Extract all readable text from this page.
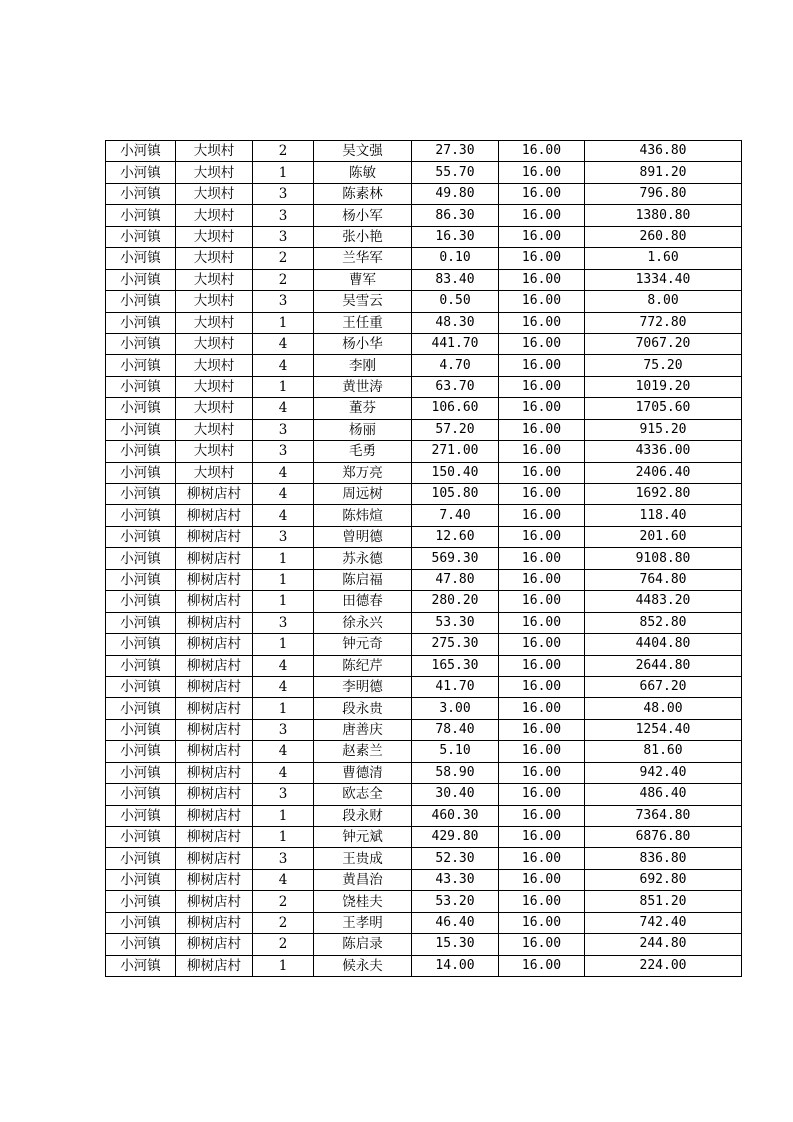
小河镇	大坝村	2	吴文强	27.30	16.00	436.80
小河镇	大坝村	1	陈敏	55.70	16.00	891.20
小河镇	大坝村	3	陈素林	49.80	16.00	796.80
小河镇	大坝村	3	杨小军	86.30	16.00	1380.80
小河镇	大坝村	3	张小艳	16.30	16.00	260.80
小河镇	大坝村	2	兰华军	0.10	16.00	1.60
小河镇	大坝村	2	曹军	83.40	16.00	1334.40
小河镇	大坝村	3	吴雪云	0.50	16.00	8.00
小河镇	大坝村	1	王任重	48.30	16.00	772.80
小河镇	大坝村	4	杨小华	441.70	16.00	7067.20
小河镇	大坝村	4	李刚	4.70	16.00	75.20
小河镇	大坝村	1	黄世涛	63.70	16.00	1019.20
小河镇	大坝村	4	董芬	106.60	16.00	1705.60
小河镇	大坝村	3	杨丽	57.20	16.00	915.20
小河镇	大坝村	3	毛勇	271.00	16.00	4336.00
小河镇	大坝村	4	郑万亮	150.40	16.00	2406.40
小河镇	柳树店村	4	周远树	105.80	16.00	1692.80
小河镇	柳树店村	4	陈炜煊	7.40	16.00	118.40
小河镇	柳树店村	3	曾明德	12.60	16.00	201.60
小河镇	柳树店村	1	苏永德	569.30	16.00	9108.80
小河镇	柳树店村	1	陈启福	47.80	16.00	764.80
小河镇	柳树店村	1	田德春	280.20	16.00	4483.20
小河镇	柳树店村	3	徐永兴	53.30	16.00	852.80
小河镇	柳树店村	1	钟元奇	275.30	16.00	4404.80
小河镇	柳树店村	4	陈纪芹	165.30	16.00	2644.80
小河镇	柳树店村	4	李明德	41.70	16.00	667.20
小河镇	柳树店村	1	段永贵	3.00	16.00	48.00
小河镇	柳树店村	3	唐善庆	78.40	16.00	1254.40
小河镇	柳树店村	4	赵素兰	5.10	16.00	81.60
小河镇	柳树店村	4	曹德清	58.90	16.00	942.40
小河镇	柳树店村	3	欧志全	30.40	16.00	486.40
小河镇	柳树店村	1	段永财	460.30	16.00	7364.80
小河镇	柳树店村	1	钟元斌	429.80	16.00	6876.80
小河镇	柳树店村	3	王贵成	52.30	16.00	836.80
小河镇	柳树店村	4	黄昌治	43.30	16.00	692.80
小河镇	柳树店村	2	饶桂夫	53.20	16.00	851.20
小河镇	柳树店村	2	王孝明	46.40	16.00	742.40
小河镇	柳树店村	2	陈启录	15.30	16.00	244.80
小河镇	柳树店村	1	候永夫	14.00	16.00	224.00
